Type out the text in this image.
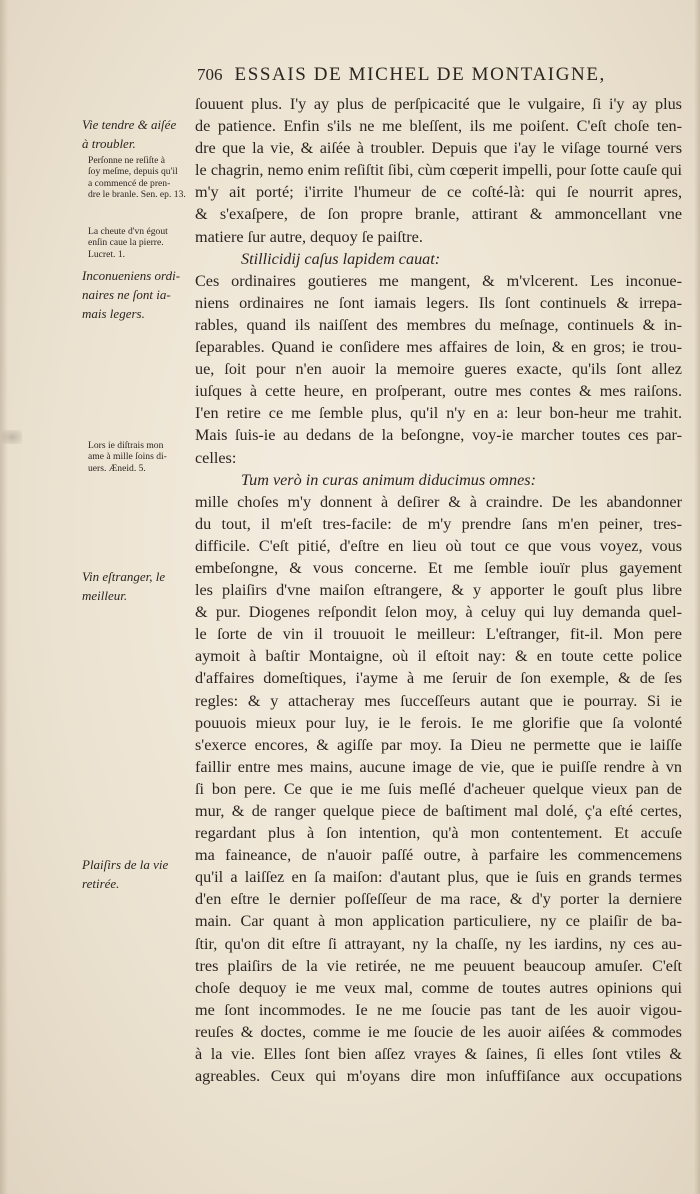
706 ESSAIS DE MICHEL DE MONTAIGNE,
ſouuent plus. I'y ay plus de perſpicacité que le vulgaire, ſi i'y ay plus
de patience. Enfin s'ils ne me bleſſent, ils me poiſent. C'eſt choſe ten-
dre que la vie, & aiſée à troubler. Depuis que i'ay le viſage tourné vers
le chagrin, nemo enim reſiſtit ſibi, cùm cœperit impelli, pour ſotte cauſe qui
m'y ait porté; i'irrite l'humeur de ce coſté-là: qui ſe nourrit apres,
& s'exaſpere, de ſon propre branle, attirant & ammoncellant vne
matiere ſur autre, dequoy ſe paiſtre.
Stillicidij caſus lapidem cauat:
Ces ordinaires goutieres me mangent, & m'vlcerent. Les inconue-
niens ordinaires ne ſont iamais legers. Ils ſont continuels & irrepa-
rables, quand ils naiſſent des membres du meſnage, continuels & in-
ſeparables. Quand ie conſidere mes affaires de loin, & en gros; ie trou-
ue, ſoit pour n'en auoir la memoire gueres exacte, qu'ils ſont allez
iuſques à cette heure, en proſperant, outre mes contes & mes raiſons.
I'en retire ce me ſemble plus, qu'il n'y en a: leur bon-heur me trahit.
Mais ſuis-ie au dedans de la beſongne, voy-ie marcher toutes ces par-
celles:
Tum verò in curas animum diducimus omnes:
mille choſes m'y donnent à deſirer & à craindre. De les abandonner
du tout, il m'eſt tres-facile: de m'y prendre ſans m'en peiner, tres-
difficile. C'eſt pitié, d'eſtre en lieu où tout ce que vous voyez, vous
embeſongne, & vous concerne. Et me ſemble iouïr plus gayement
les plaiſirs d'vne maiſon eſtrangere, & y apporter le gouſt plus libre
& pur. Diogenes reſpondit ſelon moy, à celuy qui luy demanda quel-
le ſorte de vin il trouuoit le meilleur: L'eſtranger, fit-il. Mon pere
aymoit à baſtir Montaigne, où il eſtoit nay: & en toute cette police
d'affaires domeſtiques, i'ayme à me ſeruir de ſon exemple, & de ſes
regles: & y attacheray mes ſucceſſeurs autant que ie pourray. Si ie
pouuois mieux pour luy, ie le ferois. Ie me glorifie que ſa volonté
s'exerce encores, & agiſſe par moy. Ia Dieu ne permette que ie laiſſe
faillir entre mes mains, aucune image de vie, que ie puiſſe rendre à vn
ſi bon pere. Ce que ie me ſuis meſlé d'acheuer quelque vieux pan de
mur, & de ranger quelque piece de baſtiment mal dolé, ç'a eſté certes,
regardant plus à ſon intention, qu'à mon contentement. Et accuſe
ma faineance, de n'auoir paſſé outre, à parfaire les commencemens
qu'il a laiſſez en ſa maiſon: d'autant plus, que ie ſuis en grands termes
d'en eſtre le dernier poſſeſſeur de ma race, & d'y porter la derniere
main. Car quant à mon application particuliere, ny ce plaiſir de ba-
ſtir, qu'on dit eſtre ſi attrayant, ny la chaſſe, ny les iardins, ny ces au-
tres plaiſirs de la vie retirée, ne me peuuent beaucoup amuſer. C'eſt
choſe dequoy ie me veux mal, comme de toutes autres opinions qui
me ſont incommodes. Ie ne me ſoucie pas tant de les auoir vigou-
reuſes & doctes, comme ie me ſoucie de les auoir aiſées & commodes
à la vie. Elles ſont bien aſſez vrayes & ſaines, ſi elles ſont vtiles &
agreables. Ceux qui m'oyans dire mon inſuffiſance aux occupations
Vie tendre & aiſée
à troubler.
Perſonne ne reſiſte à
ſoy meſme, depuis qu'il
a commencé de pren-
dre le branle. Sen. ep. 13.
La cheute d'vn égout
enſin caue la pierre.
Lucret. 1.
Inconueniens ordi-
naires ne ſont ia-
mais legers.
Lors ie diſtrais mon
ame à mille ſoins di-
uers. Æneid. 5.
Vin eſtranger, le
meilleur.
Plaiſirs de la vie
retirée.
